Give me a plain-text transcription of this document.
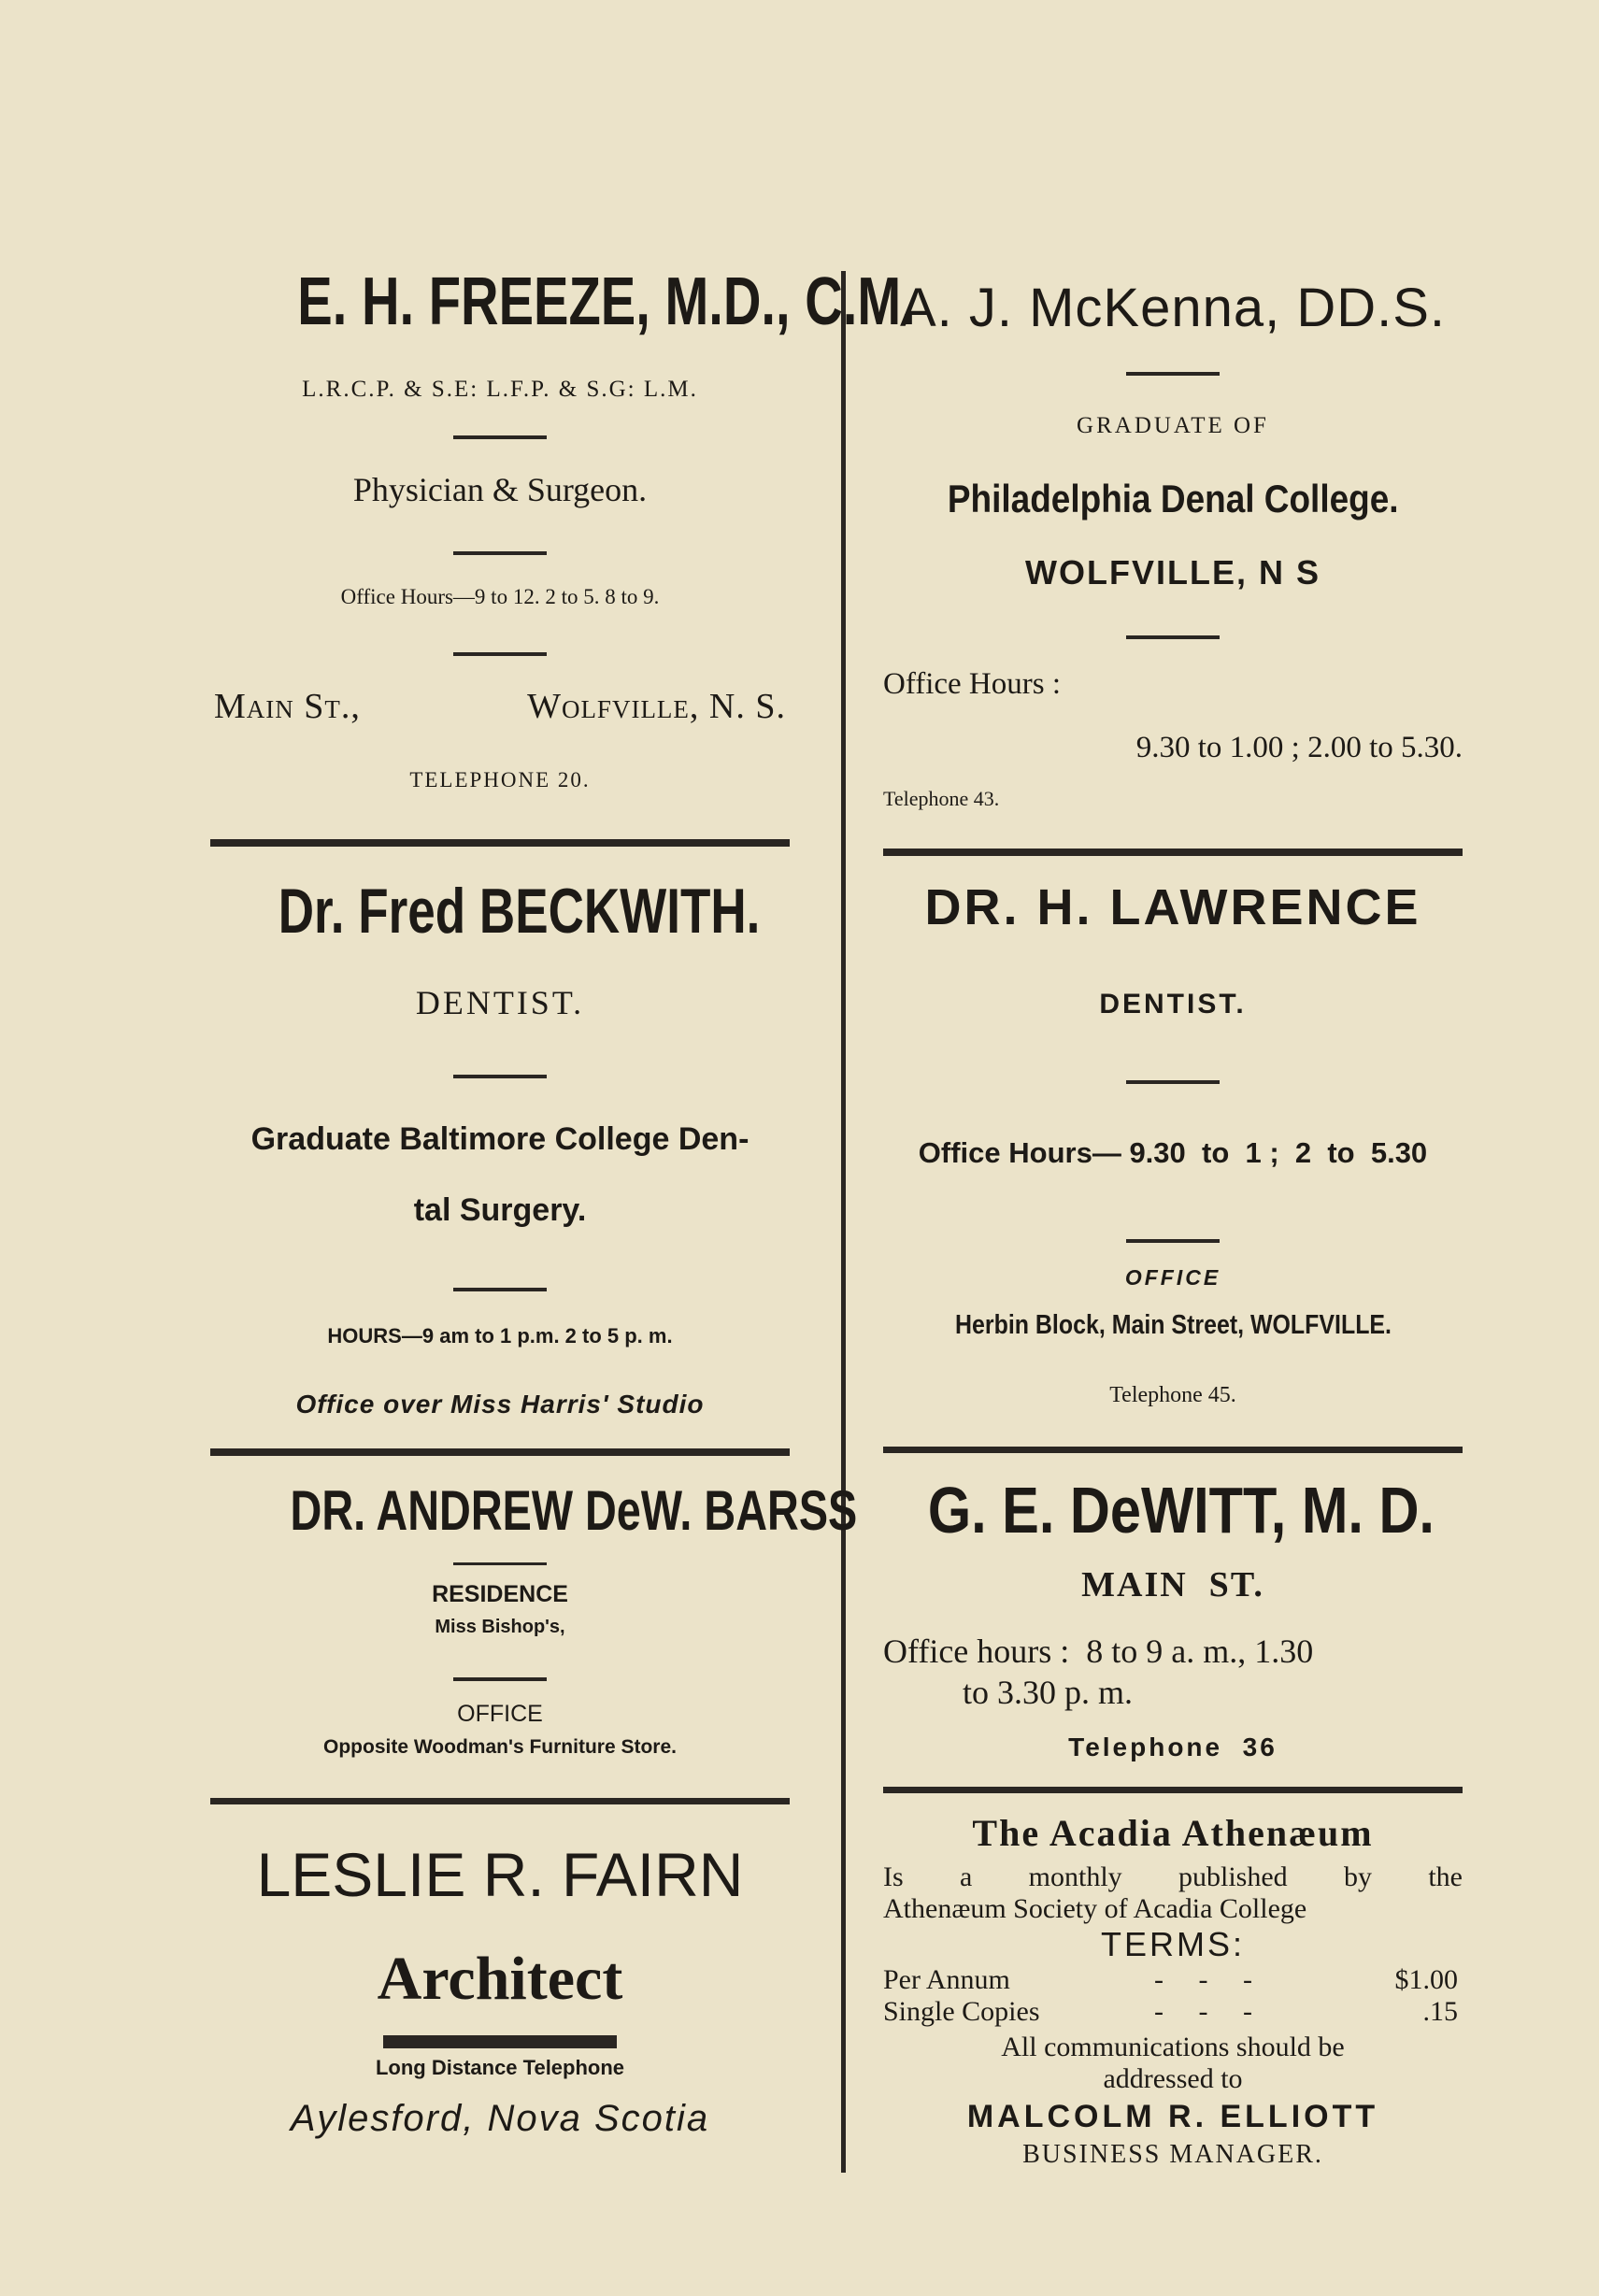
E. H. FREEZE, M.D., C.M.
L.R.C.P. & S.E: L.F.P. & S.G: L.M.
Physician & Surgeon.
Office Hours—9 to 12. 2 to 5. 8 to 9.
Main St.,	Wolfville, N. S.
TELEPHONE 20.
Dr. Fred BECKWITH.
DENTIST.
Graduate Baltimore College Den-
tal Surgery.
HOURS—9 am to 1 p.m. 2 to 5 p. m.
Office over Miss Harris' Studio
DR. ANDREW DeW. BARSS
RESIDENCE
Miss Bishop's,
OFFICE
Opposite Woodman's Furniture Store.
LESLIE R. FAIRN
Architect
Long Distance Telephone
Aylesford, Nova Scotia
A. J. McKenna, DD.S.
GRADUATE OF
Philadelphia Denal College.
WOLFVILLE, N S
Office Hours :
9.30 to 1.00 ; 2.00 to 5.30.
Telephone 43.
DR. H. LAWRENCE
DENTIST.
Office Hours— 9.30  to  1 ;  2  to  5.30
OFFICE
Herbin Block, Main Street, WOLFVILLE.
Telephone 45.
G. E. DeWITT, M. D.
MAIN  ST.
Office hours :  8 to 9 a. m., 1.30
to 3.30 p. m.
Telephone  36
The Acadia Athenæum
Is a monthly published by the
Athenæum Society of Acadia College
TERMS:
Per Annum	-     -     -	$1.00
Single Copies	-     -     -	.15
All communications should be
addressed to
MALCOLM R. ELLIOTT
BUSINESS MANAGER.
